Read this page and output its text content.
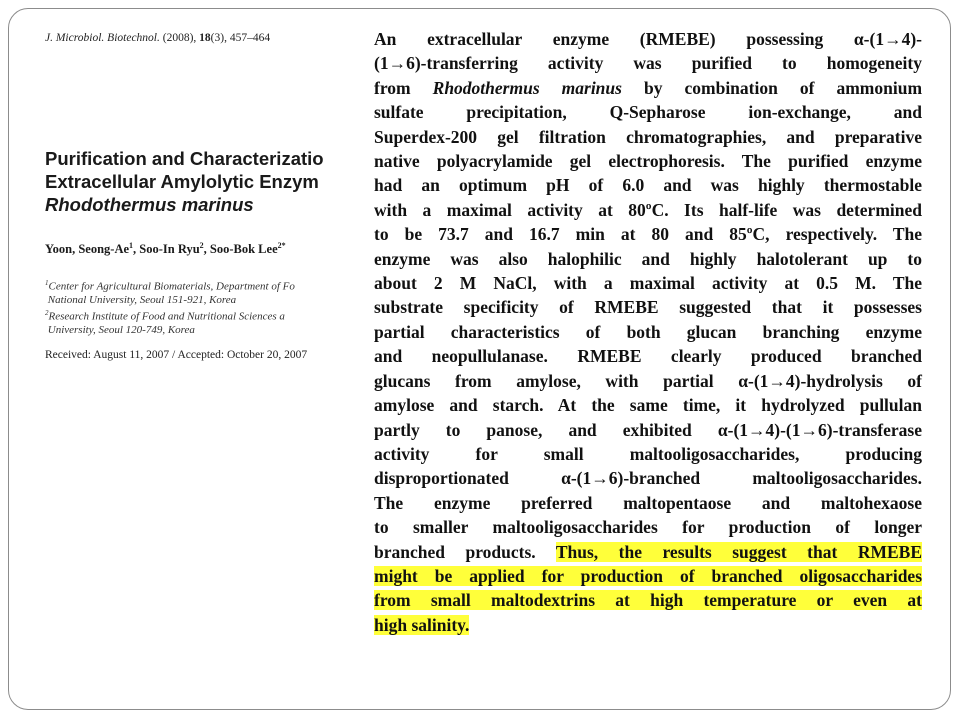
J. Microbiol. Biotechnol. (2008), 18(3), 457–464
Purification and Characterizatio
Extracellular Amylolytic Enzym
Rhodothermus marinus
Yoon, Seong-Ae$^1$, Soo-In Ryu$^2$, Soo-Bok Lee$^{2*}$
$^1$Center for Agricultural Biomaterials, Department of Fo
National University, Seoul 151-921, Korea
$^2$Research Institute of Food and Nutritional Sciences a
University, Seoul 120-749, Korea
Received: August 11, 2007 / Accepted: October 20, 2007
An extracellular enzyme (RMEBE) possessing α-(1→4)-
(1→6)-transferring activity was purified to homogeneity
from Rhodothermus marinus by combination of ammonium
sulfate precipitation, Q-Sepharose ion-exchange, and
Superdex-200 gel filtration chromatographies, and preparative
native polyacrylamide gel electrophoresis. The purified enzyme
had an optimum pH of 6.0 and was highly thermostable
with a maximal activity at 80ºC. Its half-life was determined
to be 73.7 and 16.7 min at 80 and 85ºC, respectively. The
enzyme was also halophilic and highly halotolerant up to
about 2 M NaCl, with a maximal activity at 0.5 M. The
substrate specificity of RMEBE suggested that it possesses
partial characteristics of both glucan branching enzyme
and neopullulanase. RMEBE clearly produced branched
glucans from amylose, with partial α-(1→4)-hydrolysis of
amylose and starch. At the same time, it hydrolyzed pullulan
partly to panose, and exhibited α-(1→4)-(1→6)-transferase
activity for small maltooligosaccharides, producing
disproportionated α-(1→6)-branched maltooligosaccharides.
The enzyme preferred maltopentaose and maltohexaose
to smaller maltooligosaccharides for production of longer
branched products. Thus, the results suggest that RMEBE
might be applied for production of branched oligosaccharides
from small maltodextrins at high temperature or even at
high salinity.
